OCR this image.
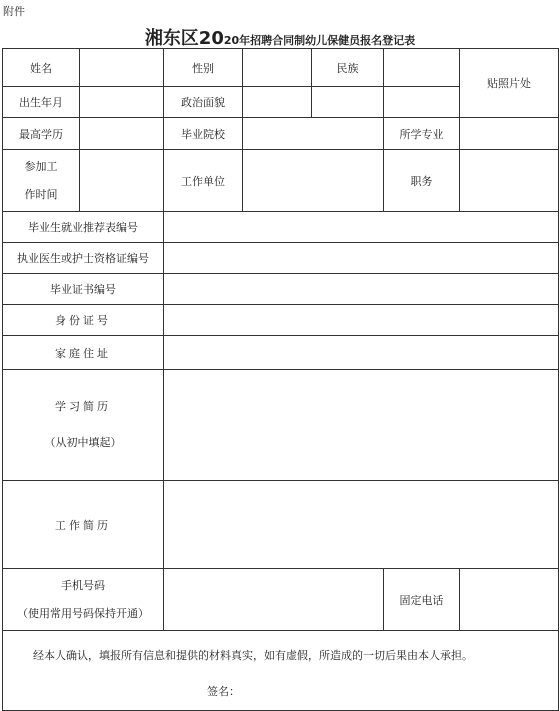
附件
湘东区2020年招聘合同制幼儿保健员报名登记表
姓名		性别		民族		贴照片处
出生年月		政治面貌				
最高学历		毕业院校			所学专业	

参加工
作时间		工作单位			职务	
毕业生就业推荐表编号						
执业医生或护士资格证编号						
毕业证书编号						
身份证号						
家庭住址						

学习简历
（从初中填起）						

工作简历						

手机号码
（使用常用号码保持开通）					固定电话	

经本人确认，填报所有信息和提供的材料真实，如有虚假，所造成的一切后果由本人承担。
签名：						
